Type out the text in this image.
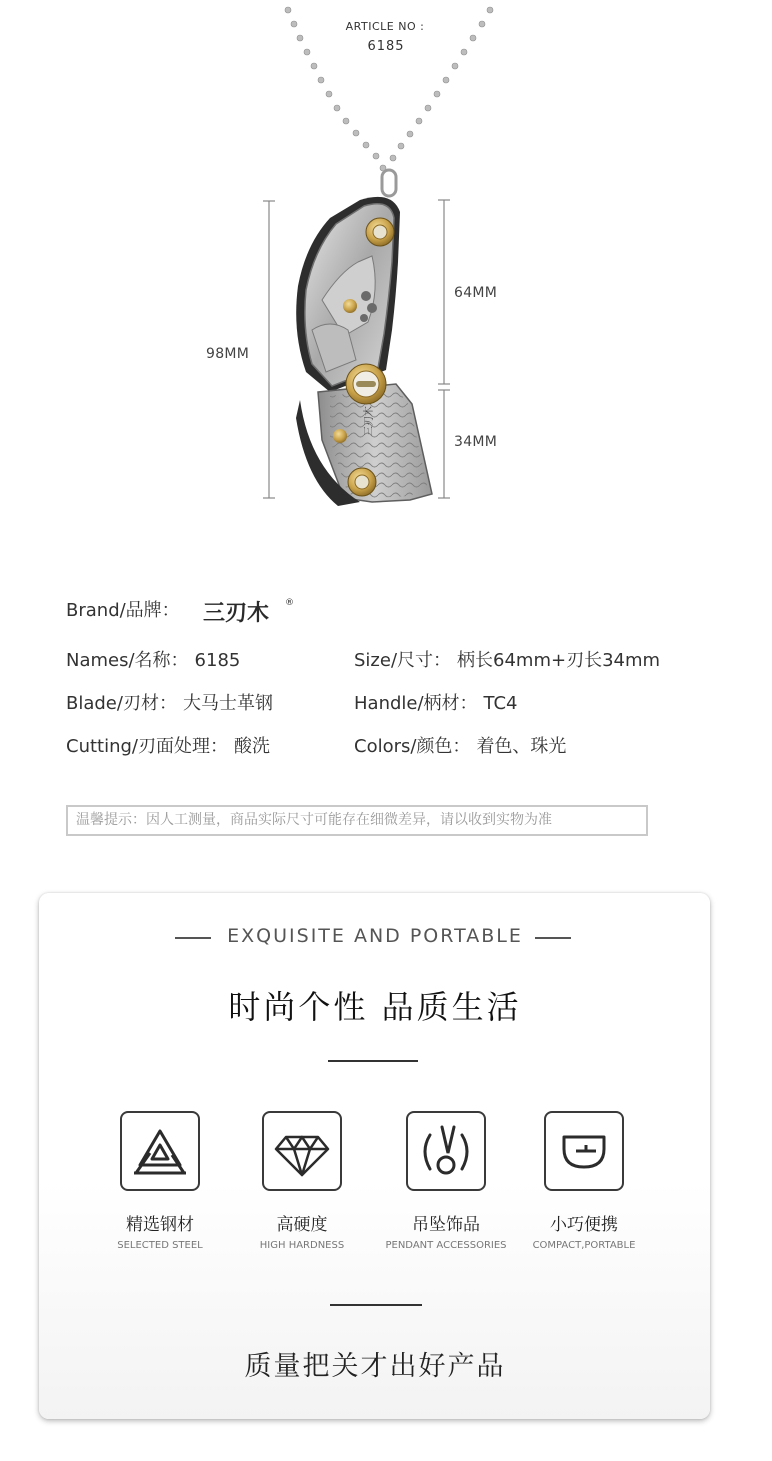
ARTICLE NO :
6185
三刃木
98MM
64MM
34MM
Brand/品牌： 三刃木 ®
Names/名称： 6185	Size/尺寸： 柄长64mm+刃长34mm
Blade/刃材： 大马士革钢	Handle/柄材： TC4
Cutting/刃面处理： 酸洗	Colors/颜色： 着色、珠光
温馨提示：因人工测量，商品实际尺寸可能存在细微差异，请以收到实物为准
EXQUISITE AND PORTABLE
时尚个性 品质生活
精选钢材
SELECTED STEEL
高硬度
HIGH HARDNESS
吊坠饰品
PENDANT ACCESSORIES
小巧便携
COMPACT,PORTABLE
质量把关才出好产品
